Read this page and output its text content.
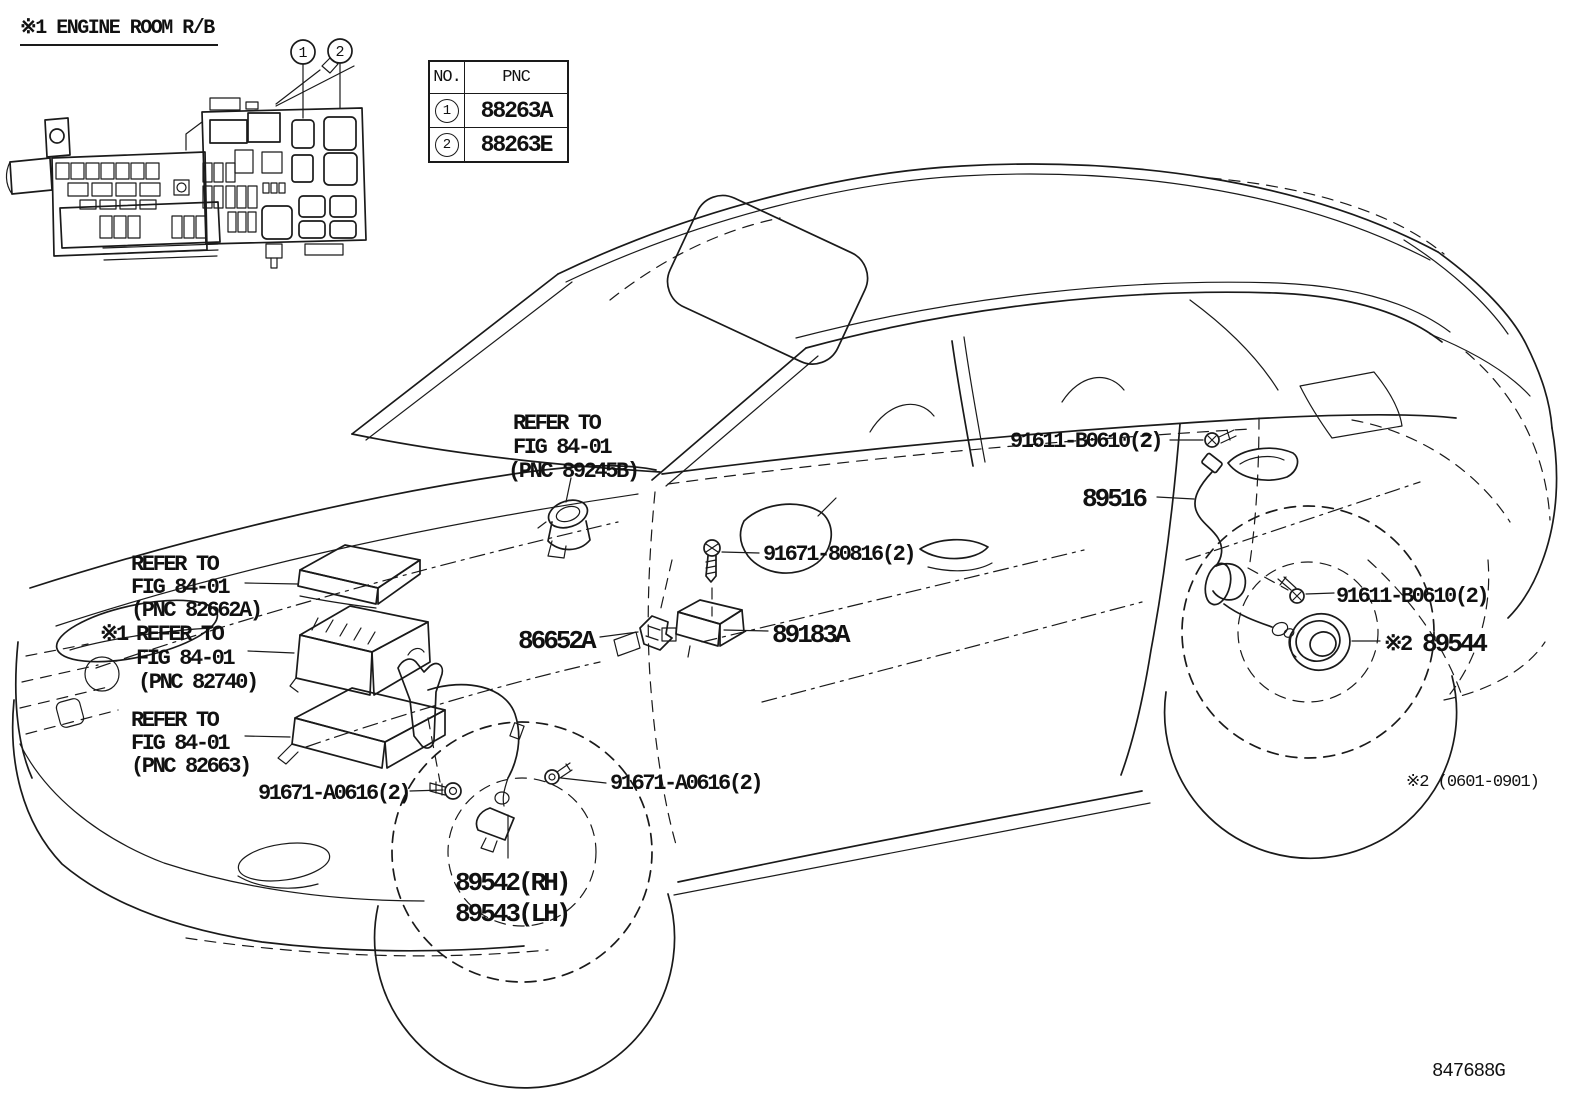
1 2
REFER TO
FIG 84-01
(PNC 89245B)
REFER TO
FIG 84-01
(PNC 82662A)
※1 REFER TO
FIG 84-01
(PNC 82740)
REFER TO
FIG 84-01
(PNC 82663)
91671-A0616(2)	91671-A0616(2)
89542(RH)
89543(LH)
86652A	89183A
91671-80816(2)
91611-B0610(2)
89516
91611-B0610(2)
※2 89544
※2 (0601-0901)
847688G
※1 ENGINE ROOM R/B
NO.	PNC
1	88263A
2	88263E
